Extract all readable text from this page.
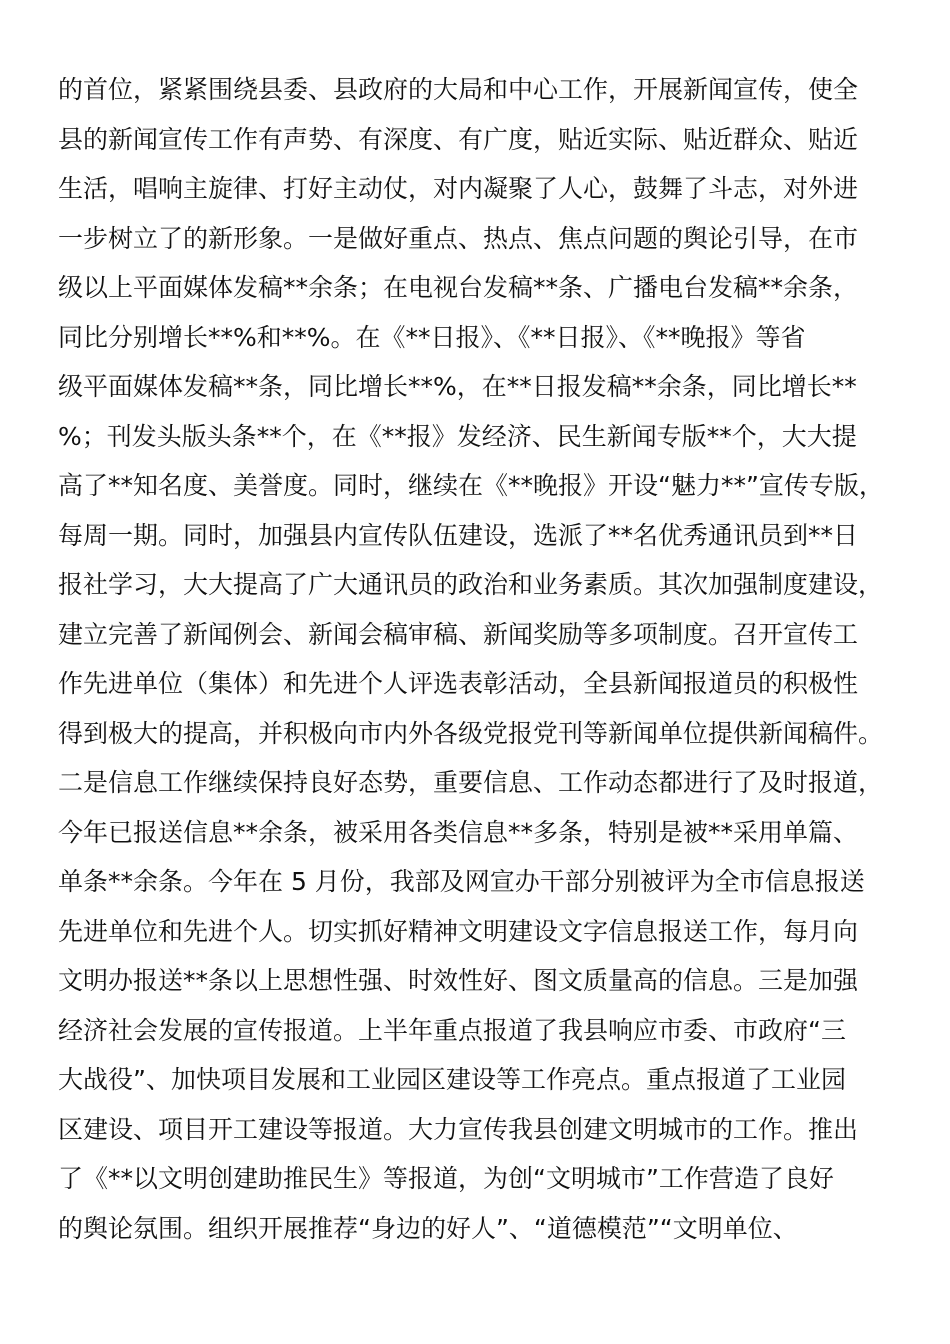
的首位，紧紧围绕县委、县政府的大局和中心工作，开展新闻宣传，使全
县的新闻宣传工作有声势、有深度、有广度，贴近实际、贴近群众、贴近
生活，唱响主旋律、打好主动仗，对内凝聚了人心，鼓舞了斗志，对外进
一步树立了的新形象。一是做好重点、热点、焦点问题的舆论引导，在市
级以上平面媒体发稿**余条；在电视台发稿**条、广播电台发稿**余条，
同比分别增长**%和**%。在《**日报》、《**日报》、《**晚报》等省
级平面媒体发稿**条，同比增长**%，在**日报发稿**余条，同比增长**
%；刊发头版头条**个，在《**报》发经济、民生新闻专版**个，大大提
高了**知名度、美誉度。同时，继续在《**晚报》开设“魅力**”宣传专版，
每周一期。同时，加强县内宣传队伍建设，选派了**名优秀通讯员到**日
报社学习，大大提高了广大通讯员的政治和业务素质。其次加强制度建设，
建立完善了新闻例会、新闻会稿审稿、新闻奖励等多项制度。召开宣传工
作先进单位（集体）和先进个人评选表彰活动，全县新闻报道员的积极性
得到极大的提高，并积极向市内外各级党报党刊等新闻单位提供新闻稿件。
二是信息工作继续保持良好态势，重要信息、工作动态都进行了及时报道，
今年已报送信息**余条，被采用各类信息**多条，特别是被**采用单篇、
单条**余条。今年在 5 月份，我部及网宣办干部分别被评为全市信息报送
先进单位和先进个人。切实抓好精神文明建设文字信息报送工作，每月向
文明办报送**条以上思想性强、时效性好、图文质量高的信息。三是加强
经济社会发展的宣传报道。上半年重点报道了我县响应市委、市政府“三
大战役”、加快项目发展和工业园区建设等工作亮点。重点报道了工业园
区建设、项目开工建设等报道。大力宣传我县创建文明城市的工作。推出
了《**以文明创建助推民生》等报道，为创“文明城市”工作营造了良好
的舆论氛围。组织开展推荐“身边的好人”、“道德模范”“文明单位、
